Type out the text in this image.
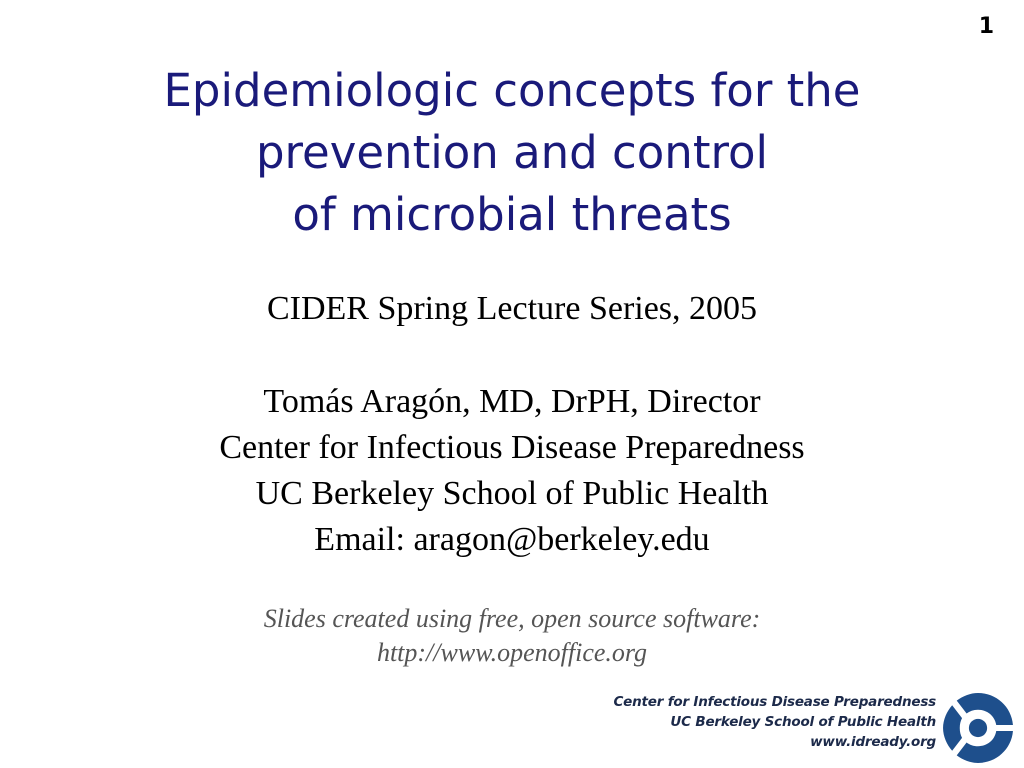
1
Epidemiologic concepts for the
prevention and control
of microbial threats
CIDER Spring Lecture Series, 2005
Tomás Aragón, MD, DrPH, Director
Center for Infectious Disease Preparedness
UC Berkeley School of Public Health
Email: aragon@berkeley.edu
Slides created using free, open source software:
http://www.openoffice.org
Center for Infectious Disease Preparedness
UC Berkeley School of Public Health
www.idready.org
